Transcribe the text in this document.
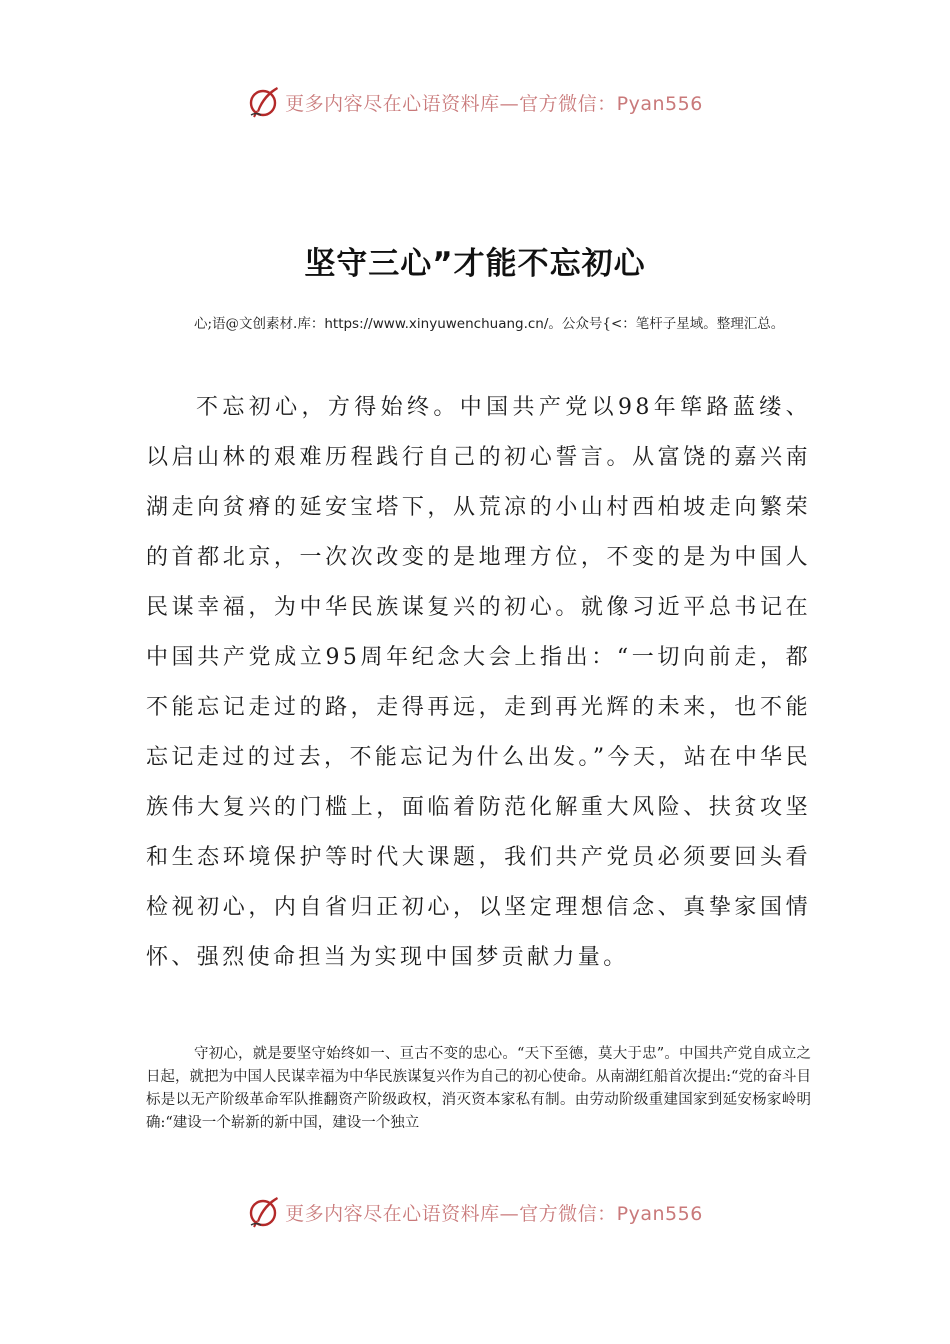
更多内容尽在心语资料库—官方微信：Pyan556
坚守三心”才能不忘初心
心;语@文创素材.库：https://www.xinyuwenchuang.cn/。公众号{<：笔杆子星域。整理汇总。
不忘初心，方得始终。中国共产党以98年筚路蓝缕、以启山林的艰难历程践行自己的初心誓言。从富饶的嘉兴南湖走向贫瘠的延安宝塔下，从荒凉的小山村西柏坡走向繁荣的首都北京，一次次改变的是地理方位，不变的是为中国人民谋幸福，为中华民族谋复兴的初心。就像习近平总书记在中国共产党成立95周年纪念大会上指出：“一切向前走，都不能忘记走过的路，走得再远，走到再光辉的未来，也不能忘记走过的过去，不能忘记为什么出发。”今天，站在中华民族伟大复兴的门槛上，面临着防范化解重大风险、扶贫攻坚和生态环境保护等时代大课题，我们共产党员必须要回头看检视初心，内自省归正初心，以坚定理想信念、真挚家国情怀、强烈使命担当为实现中国梦贡献力量。
守初心，就是要坚守始终如一、亘古不变的忠心。“天下至德，莫大于忠”。中国共产党自成立之日起，就把为中国人民谋幸福为中华民族谋复兴作为自己的初心使命。从南湖红船首次提出:“党的奋斗目标是以无产阶级革命军队推翻资产阶级政权，消灭资本家私有制。由劳动阶级重建国家到延安杨家岭明确:“建设一个崭新的新中国，建设一个独立
更多内容尽在心语资料库—官方微信：Pyan556
